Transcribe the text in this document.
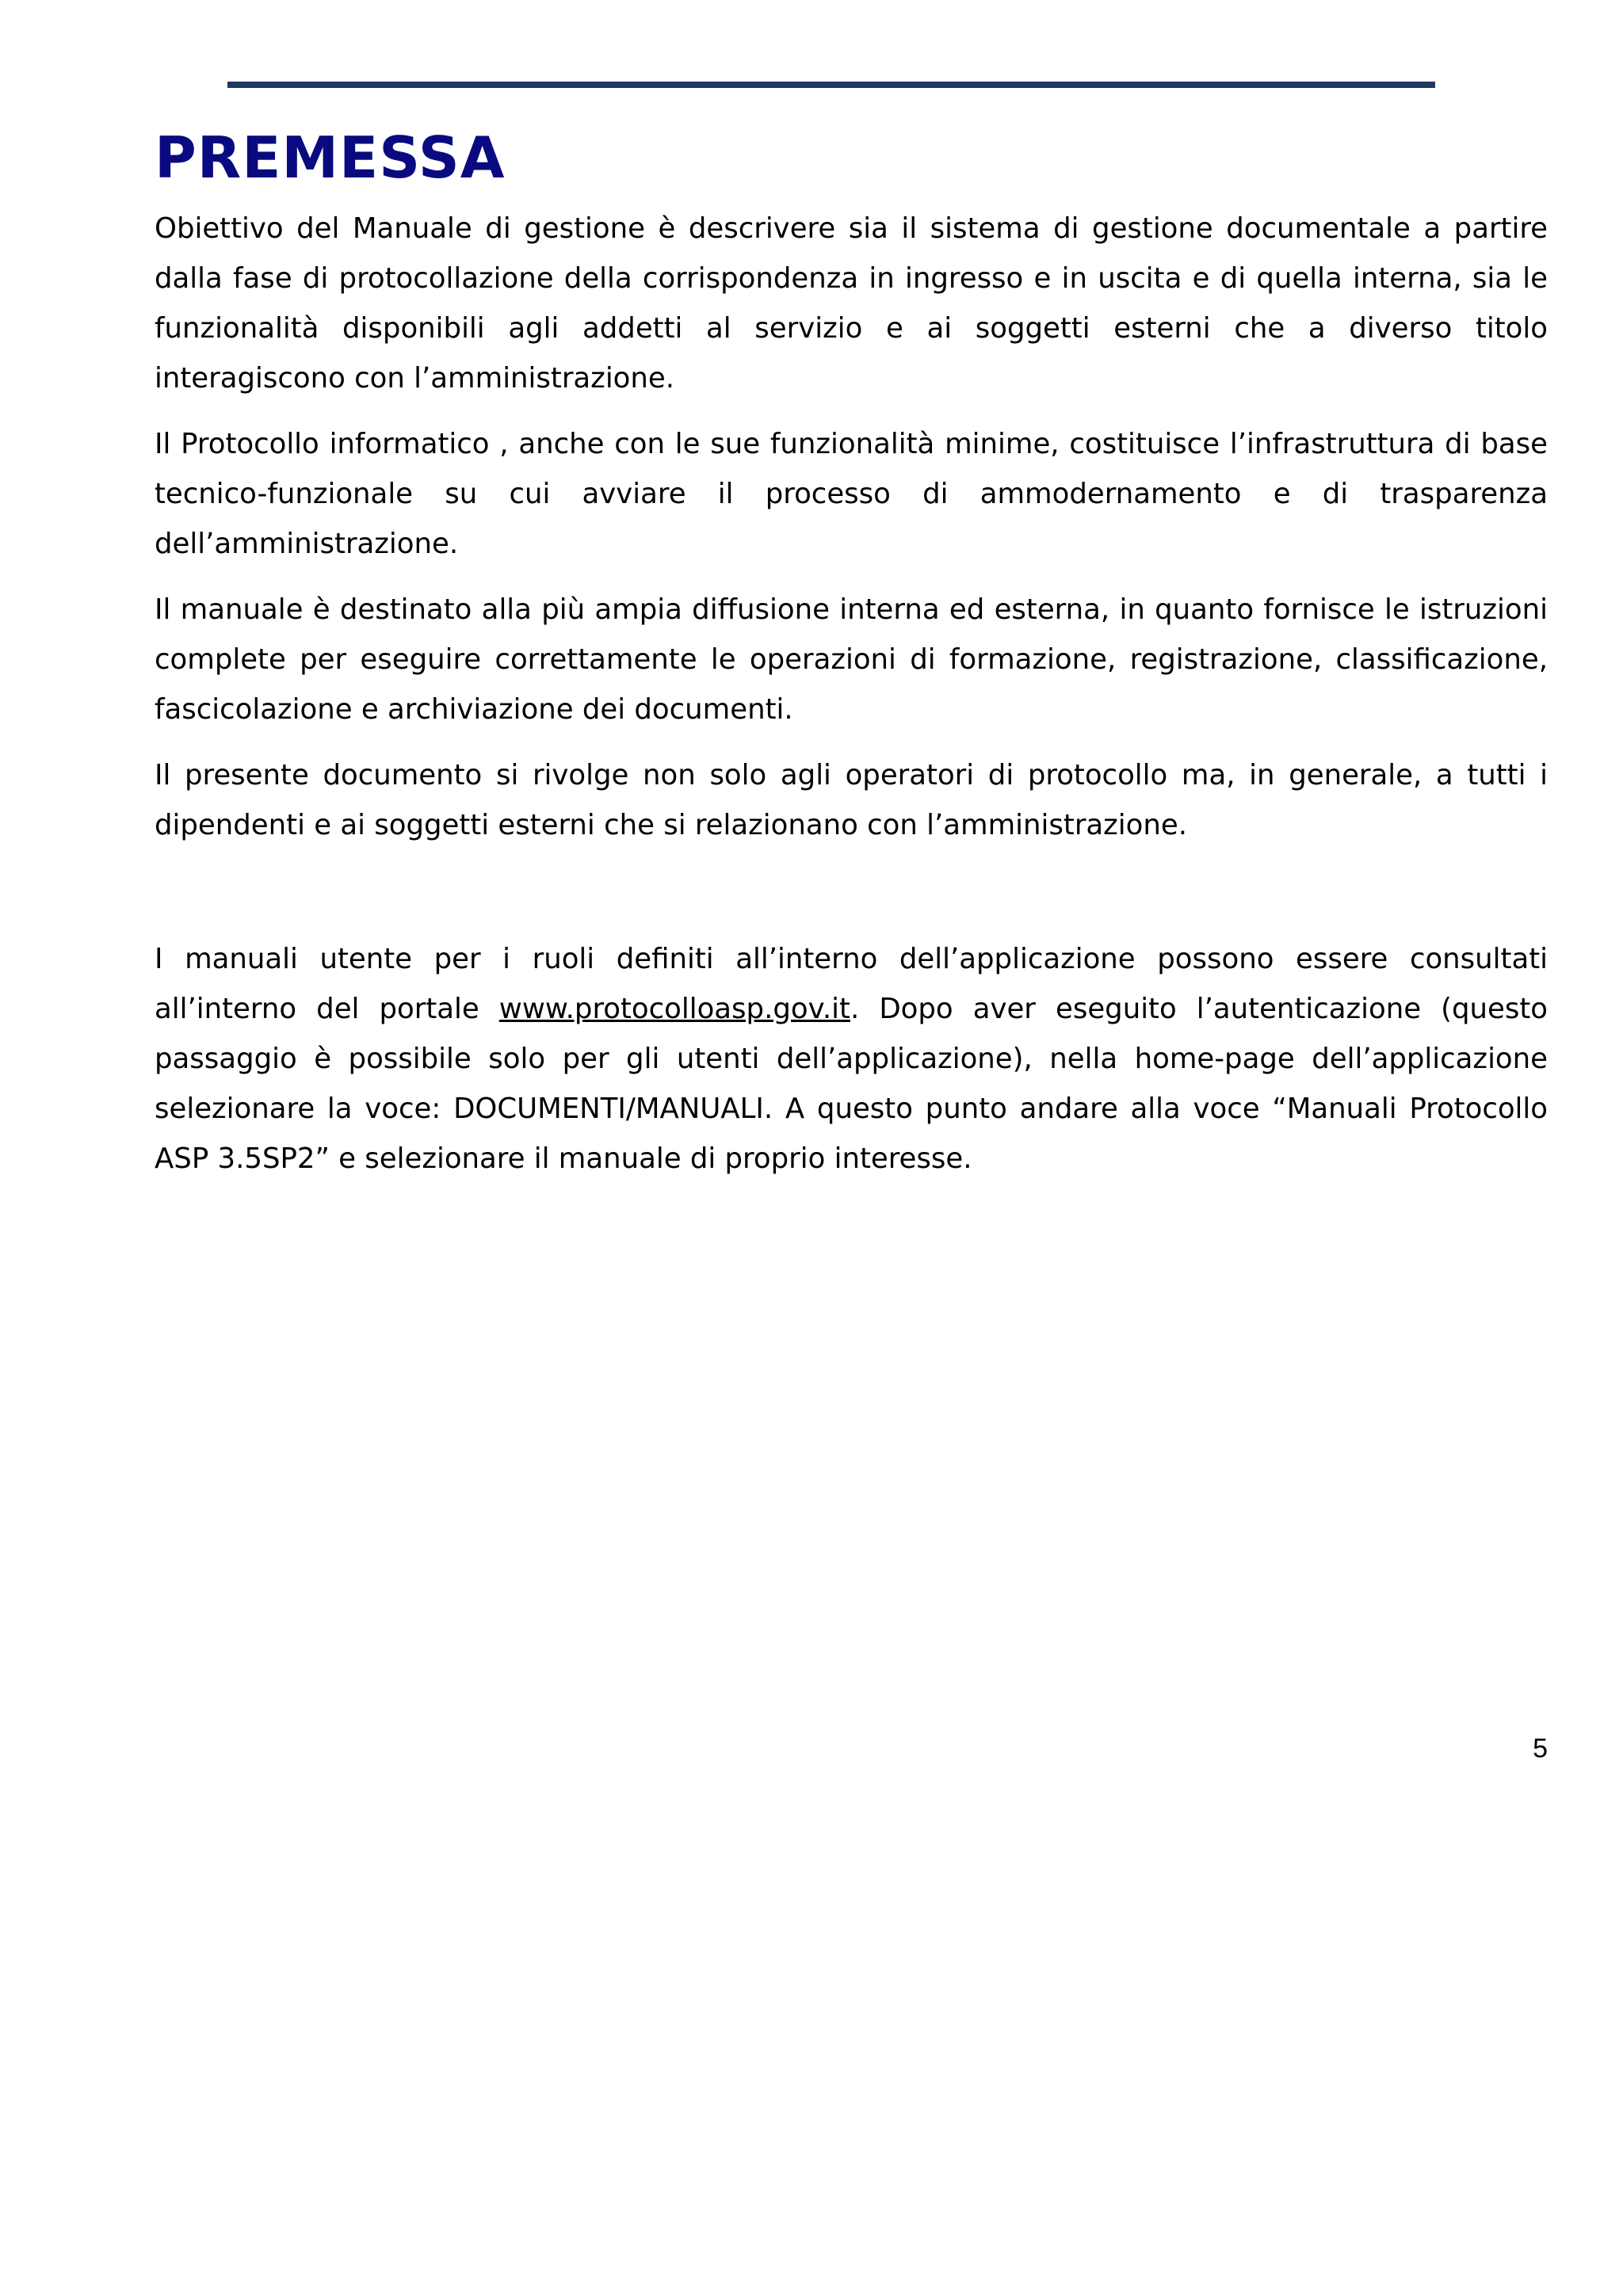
PREMESSA

Obiettivo del Manuale di gestione è descrivere sia il sistema di gestione documentale a partire dalla fase di protocollazione della corrispondenza in ingresso e in uscita e di quella interna, sia le funzionalità disponibili agli addetti al servizio e ai soggetti esterni che a diverso titolo interagiscono con l’amministrazione.

Il Protocollo informatico , anche con le sue funzionalità minime, costituisce l’infrastruttura di base tecnico-funzionale su cui avviare il processo di ammodernamento e di trasparenza dell’amministrazione.

Il manuale è destinato alla più ampia diffusione interna ed esterna, in quanto fornisce le istruzioni complete per eseguire correttamente le operazioni di formazione, registrazione, classificazione, fascicolazione e archiviazione dei documenti.

Il presente documento si rivolge non solo agli operatori di protocollo ma, in generale, a tutti i dipendenti e ai soggetti esterni che si relazionano con l’amministrazione.

I manuali utente per i ruoli definiti all’interno dell’applicazione possono essere consultati all’interno del portale www.protocolloasp.gov.it. Dopo aver eseguito l’autenticazione (questo passaggio è possibile solo per gli utenti dell’applicazione), nella home-page dell’applicazione selezionare la voce: DOCUMENTI/MANUALI. A questo punto andare alla voce “Manuali Protocollo ASP 3.5SP2” e selezionare il manuale di proprio interesse.

5
